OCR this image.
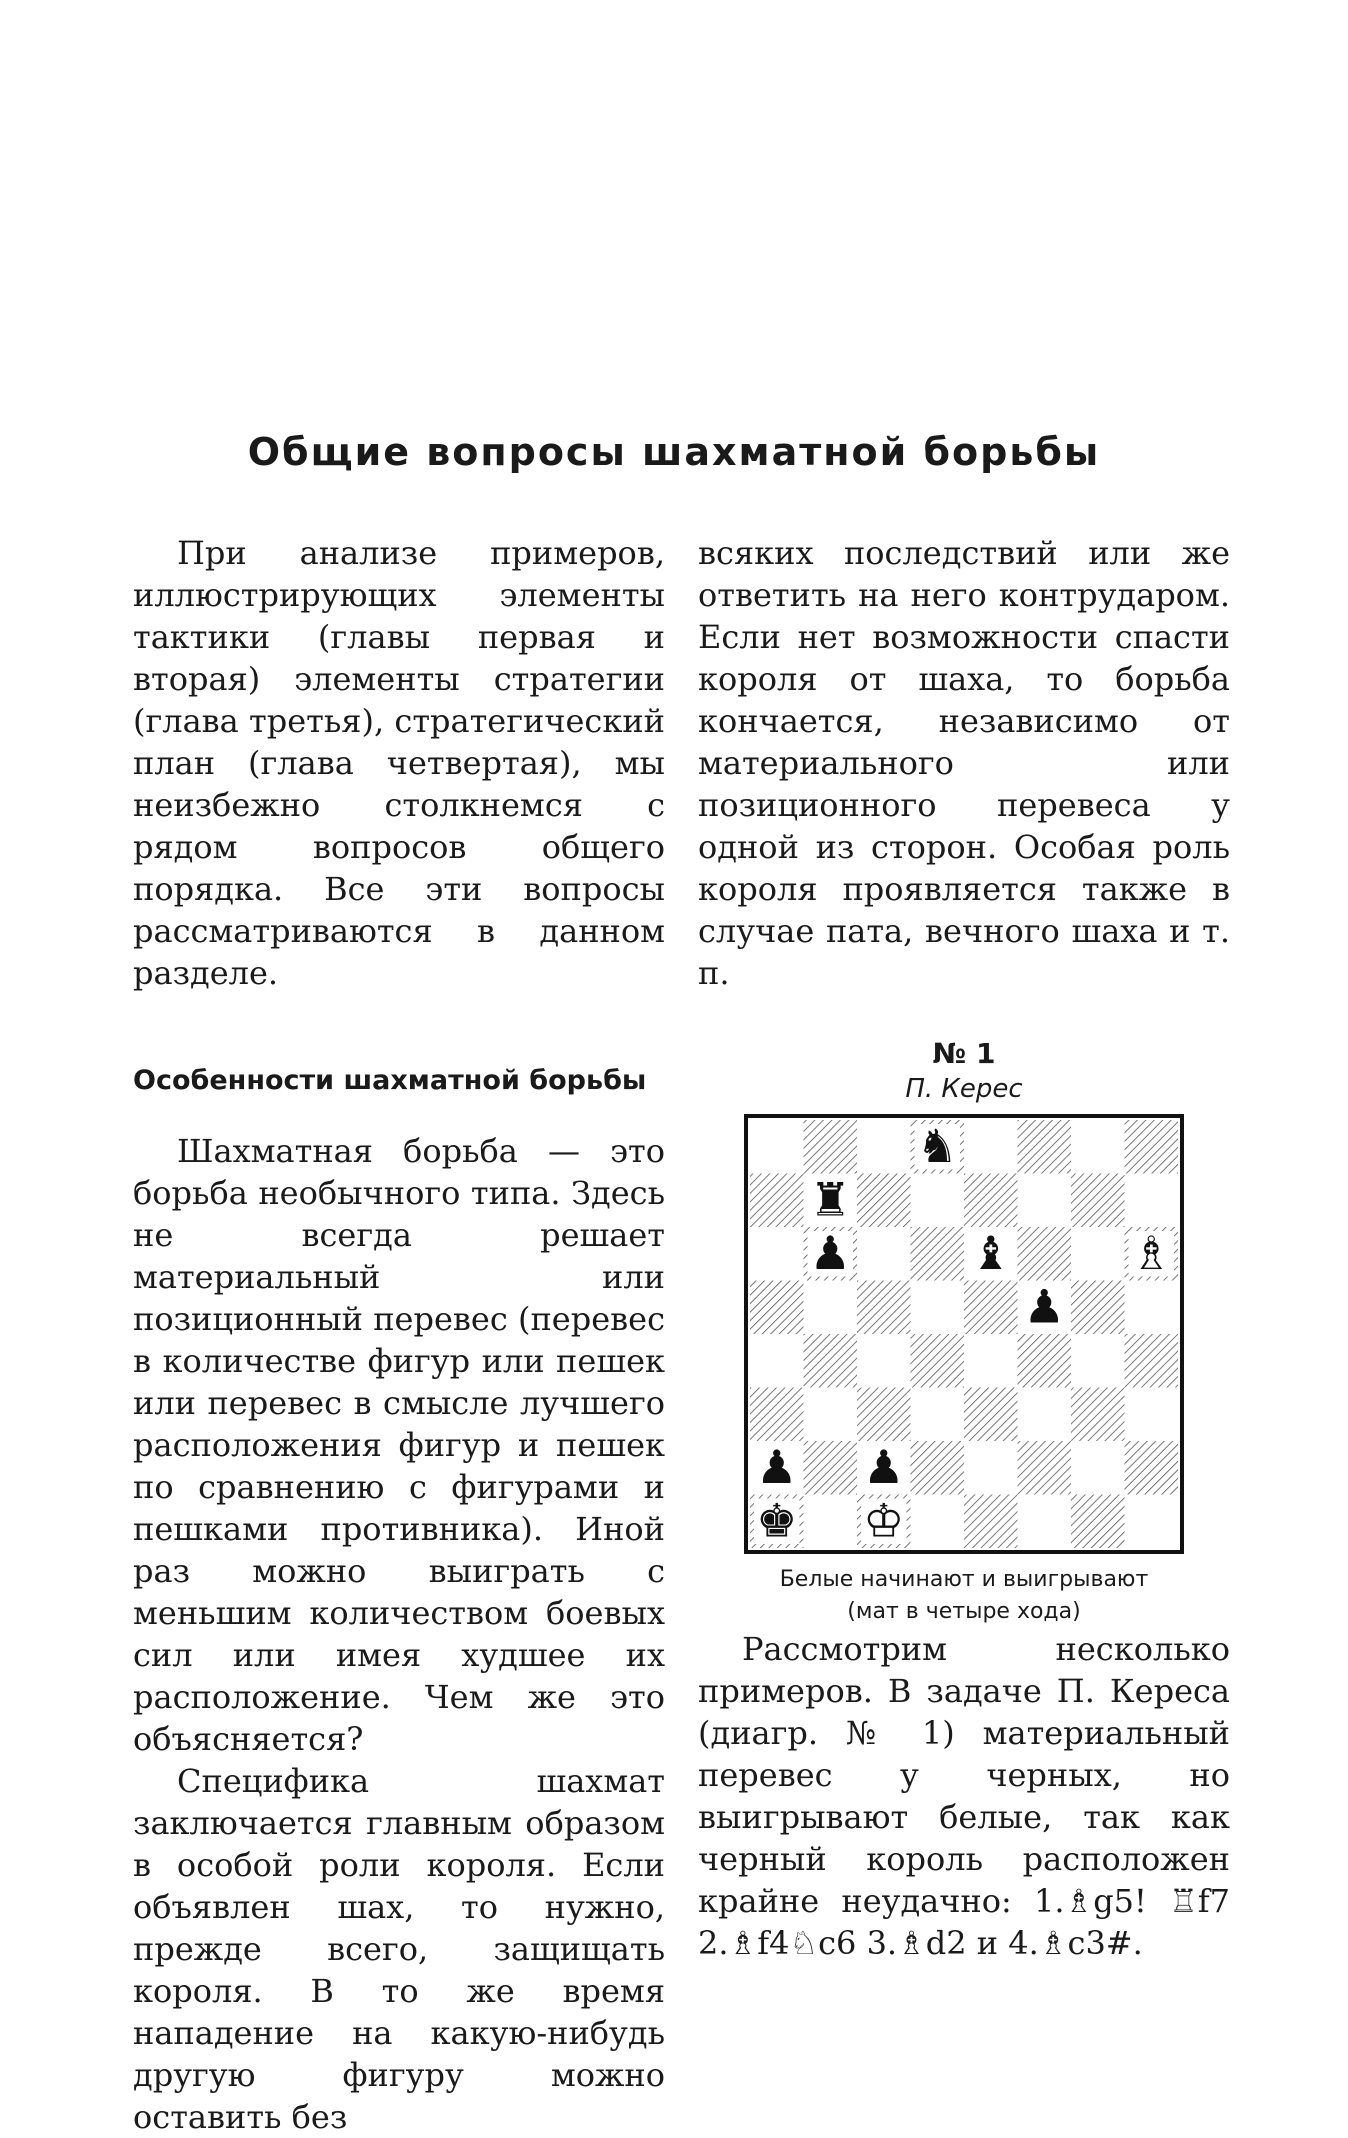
Общие вопросы шахматной борьбы

При анализе примеров, иллюстрирующих элементы тактики (главы первая и вторая) элементы стратегии (глава третья), стратегический план (глава четвертая), мы неизбежно столкнемся с рядом вопросов общего порядка. Все эти вопросы рассматриваются в данном разделе.

Особенности шахматной борьбы

Шахматная борьба — это борьба необычного типа. Здесь не всегда решает материальный или позиционный перевес (перевес в количестве фигур или пешек или перевес в смысле лучшего расположения фигур и пешек по сравнению с фигурами и пешками противника). Иной раз можно выиграть с меньшим количеством боевых сил или имея худшее их расположение. Чем же это объясняется?

Специфика шахмат заключается главным образом в особой роли короля. Если объявлен шах, то нужно, прежде всего, защищать короля. В то же время нападение на какую-нибудь другую фигуру можно оставить без

всяких последствий или же ответить на него контрударом. Если нет возможности спасти короля от шаха, то борьба кончается, независимо от материального или позиционного перевеса у одной из сторон. Особая роль короля проявляется также в случае пата, вечного шаха и т. п.

№ 1
П. Керес
♞
♜
♟	♝	♗
♟
♟ ♟
♚ ♔
Белые начинают и выигрывают
(мат в четыре хода)

Рассмотрим несколько примеров. В задаче П. Кереса (диагр. № 1) материальный перевес у черных, но выигрывают белые, так как черный король расположен крайне неудачно: 1.♗g5! ♖f7 2.♗f4♘c6 3.♗d2 и 4.♗c3#.
